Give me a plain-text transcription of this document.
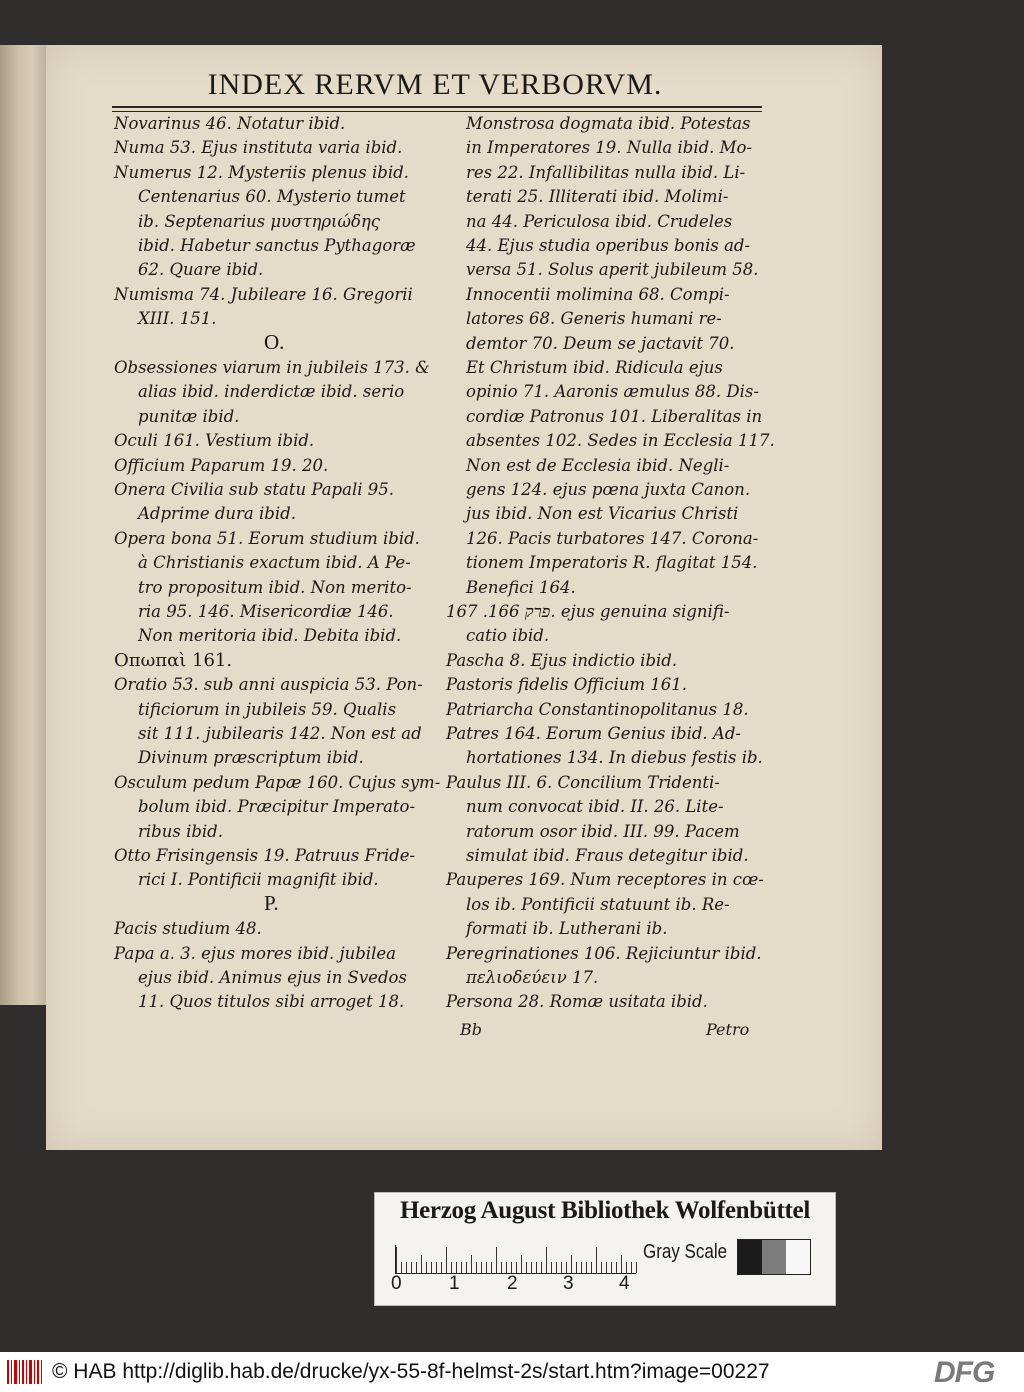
INDEX RERVM ET VERBORVM.
Novarinus 46. Notatur ibid.
Numa 53. Ejus instituta varia ibid.
Numerus 12. Mysteriis plenus ibid.
Centenarius 60. Mysterio tumet
ib. Septenarius μυστηριώδης
ibid. Habetur sanctus Pythagoræ
62. Quare ibid.
Numisma 74. Jubileare 16. Gregorii
XIII. 151.
O.
Obsessiones viarum in jubileis 173. &
alias ibid. inderdictæ ibid. serio
punitæ ibid.
Oculi 161. Vestium ibid.
Officium Paparum 19. 20.
Onera Civilia sub statu Papali 95.
Adprime dura ibid.
Opera bona 51. Eorum studium ibid.
à Christianis exactum ibid. A Pe-
tro propositum ibid. Non merito-
ria 95. 146. Misericordiæ 146.
Non meritoria ibid. Debita ibid.
Οπωπαὶ 161.
Oratio 53. sub anni auspicia 53. Pon-
tificiorum in jubileis 59. Qualis
sit 111. jubilearis 142. Non est ad
Divinum præscriptum ibid.
Osculum pedum Papæ 160. Cujus sym-
bolum ibid. Præcipitur Imperato-
ribus ibid.
Otto Frisingensis 19. Patruus Fride-
rici I. Pontificii magnifit ibid.
P.
Pacis studium 48.
Papa a. 3. ejus mores ibid. jubilea
ejus ibid. Animus ejus in Svedos
11. Quos titulos sibi arroget 18.
Monstrosa dogmata ibid. Potestas
in Imperatores 19. Nulla ibid. Mo-
res 22. Infallibilitas nulla ibid. Li-
terati 25. Illiterati ibid. Molimi-
na 44. Periculosa ibid. Crudeles
44. Ejus studia operibus bonis ad-
versa 51. Solus aperit jubileum 58.
Innocentii molimina 68. Compi-
latores 68. Generis humani re-
demtor 70. Deum se jactavit 70.
Et Christum ibid. Ridicula ejus
opinio 71. Aaronis æmulus 88. Dis-
cordiæ Patronus 101. Liberalitas in
absentes 102. Sedes in Ecclesia 117.
Non est de Ecclesia ibid. Negli-
gens 124. ejus pœna juxta Canon.
jus ibid. Non est Vicarius Christi
126. Pacis turbatores 147. Corona-
tionem Imperatoris R. flagitat 154.
Benefici 164.
פרק 166. 167. ejus genuina signifi-
catio ibid.
Pascha 8. Ejus indictio ibid.
Pastoris fidelis Officium 161.
Patriarcha Constantinopolitanus 18.
Patres 164. Eorum Genius ibid. Ad-
hortationes 134. In diebus festis ib.
Paulus III. 6. Concilium Tridenti-
num convocat ibid. II. 26. Lite-
ratorum osor ibid. III. 99. Pacem
simulat ibid. Fraus detegitur ibid.
Pauperes 169. Num receptores in cœ-
los ib. Pontificii statuunt ib. Re-
formati ib. Lutherani ib.
Peregrinationes 106. Rejiciuntur ibid.
πελιοδεύειν 17.
Persona 28. Romæ usitata ibid.
Bb	Petro
Herzog August Bibliothek Wolfenbüttel
0 1 2 3 4
Gray Scale
© HAB http://diglib.hab.de/drucke/yx-55-8f-helmst-2s/start.htm?image=00227	DFG
